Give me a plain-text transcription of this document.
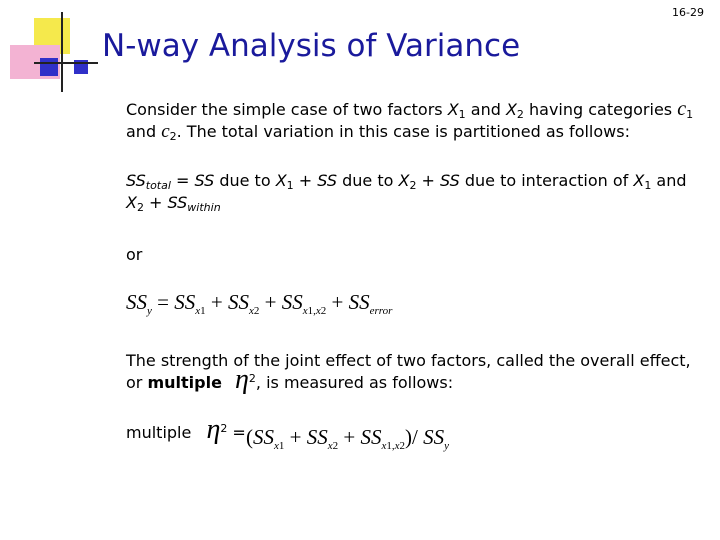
16-29
N-way Analysis of Variance

Consider the simple case of two factors $X_1$ and $X_2$ having categories $c_1$
and $c_2$. The total variation in this case is partitioned as follows:

$SS_{total}$ = SS due to $X_1$ + SS due to $X_2$ + SS due to interaction of $X_1$ and
$X_2 + SS_{within}$

or

$SS_y = SS_{x1} + SS_{x2} + SS_{x1,x2} + SS_{error}$

The strength of the joint effect of two factors, called the overall effect,
or multiple $\eta^2$, is measured as follows:

multiple $\eta^2 = (SS_{x1} + SS_{x2} + SS_{x1,x2})/$ $SS_y$
